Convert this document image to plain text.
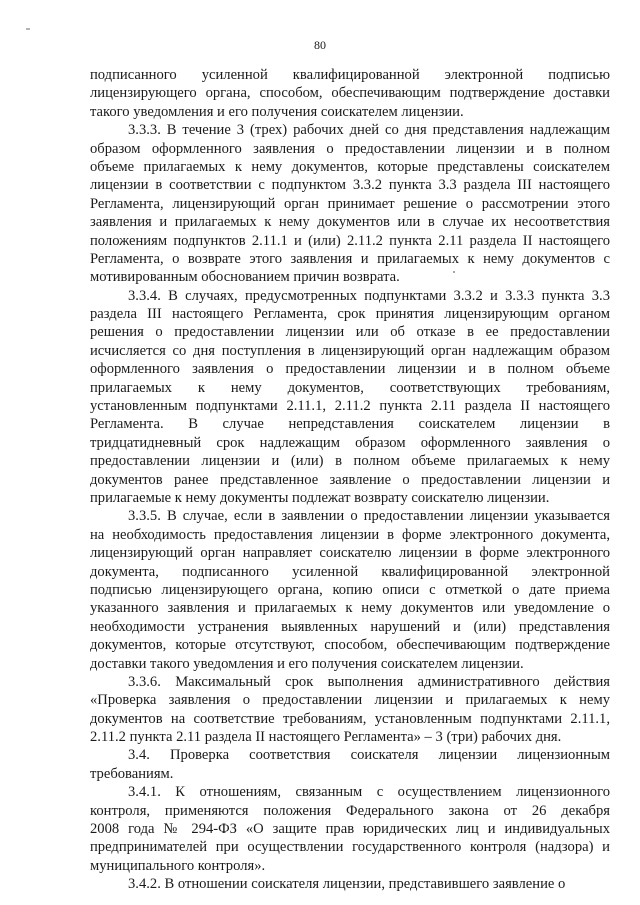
80
подписанного усиленной квалифицированной электронной подписью
лицензирующего органа, способом, обеспечивающим подтверждение доставки
такого уведомления и его получения соискателем лицензии.
3.3.3. В течение 3 (трех) рабочих дней со дня представления надлежащим
образом оформленного заявления о предоставлении лицензии и в полном
объеме прилагаемых к нему документов, которые представлены соискателем
лицензии в соответствии с подпунктом 3.3.2 пункта 3.3 раздела III настоящего
Регламента, лицензирующий орган принимает решение о рассмотрении этого
заявления и прилагаемых к нему документов или в случае их несоответствия
положениям подпунктов 2.11.1 и (или) 2.11.2 пункта 2.11 раздела II настоящего
Регламента, о возврате этого заявления и прилагаемых к нему документов с
мотивированным обоснованием причин возврата.
3.3.4. В случаях, предусмотренных подпунктами 3.3.2 и 3.3.3 пункта 3.3
раздела III настоящего Регламента, срок принятия лицензирующим органом
решения о предоставлении лицензии или об отказе в ее предоставлении
исчисляется со дня поступления в лицензирующий орган надлежащим образом
оформленного заявления о предоставлении лицензии и в полном объеме
прилагаемых к нему документов, соответствующих требованиям,
установленным подпунктами 2.11.1, 2.11.2 пункта 2.11 раздела II настоящего
Регламента. В случае непредставления соискателем лицензии в
тридцатидневный срок надлежащим образом оформленного заявления о
предоставлении лицензии и (или) в полном объеме прилагаемых к нему
документов ранее представленное заявление о предоставлении лицензии и
прилагаемые к нему документы подлежат возврату соискателю лицензии.
3.3.5. В случае, если в заявлении о предоставлении лицензии указывается
на необходимость предоставления лицензии в форме электронного документа,
лицензирующий орган направляет соискателю лицензии в форме электронного
документа, подписанного усиленной квалифицированной электронной
подписью лицензирующего органа, копию описи с отметкой о дате приема
указанного заявления и прилагаемых к нему документов или уведомление о
необходимости устранения выявленных нарушений и (или) представления
документов, которые отсутствуют, способом, обеспечивающим подтверждение
доставки такого уведомления и его получения соискателем лицензии.
3.3.6. Максимальный срок выполнения административного действия
«Проверка заявления о предоставлении лицензии и прилагаемых к нему
документов на соответствие требованиям, установленным подпунктами 2.11.1,
2.11.2 пункта 2.11 раздела II настоящего Регламента» – 3 (три) рабочих дня.
3.4. Проверка соответствия соискателя лицензии лицензионным
требованиям.
3.4.1. К отношениям, связанным с осуществлением лицензионного
контроля, применяются положения Федерального закона от 26 декабря
2008 года № 294-ФЗ «О защите прав юридических лиц и индивидуальных
предпринимателей при осуществлении государственного контроля (надзора) и
муниципального контроля».
3.4.2. В отношении соискателя лицензии, представившего заявление о
